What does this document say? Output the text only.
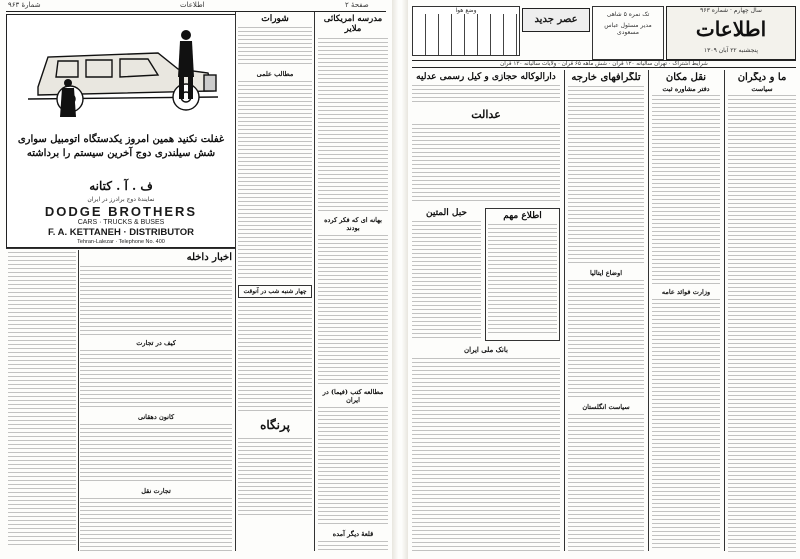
شمارهٔ ۹۶۳	اطلاعات	صفحهٔ ۲
غفلت نکنید همین امروز یکدستگاه اتومبیل سواری شش سیلندری دوج آخرین سیستم را برداشته
ف . آ . کتانه
نمایندهٔ دوج برادرز در ایران
DODGE BROTHERS
CARS · TRUCKS & BUSES
F. A. KETTANEH · DISTRIBUTOR
Tehran-Lalezar · Telephone No. 400
مدرسه امریکائی ملایر
بهانه ای که فکر کرده بودند
مطالعه کتب (فیما) در ایران
قلعهٔ دیگر آمده
شورات
مطالب علمی
چهار شنبه شب در آنوقت
پرنگاه
اخبار داخله
کیف در تجارت
کانون دهقانی
تجارت نقل
اطلاعات
سال چهارم · شماره ۹۶۳
پنجشنبه ۲۲ آبان ۱۳۰۹
تک نمره ۵ شاهی
مدیر مسئول عباس مسعودی
عصر جدید
وضع هوا
شرایط اشتراک · تهران سالیانه ۱۲۰ قران · شش ماهه ۶۵ قران · ولایات سالیانه ۱۳۰ قران
ما و دیگران
سیاست
نقل مکان
دفتر مشاوره ثبت
وزارت فوائد عامه
تلگرافهای خارجه
اوضاع ایتالیا
سیاست انگلستان
دارالوکاله حجازی و کیل رسمی عدلیه
عدالت
حبل المتین	اطلاع مهم
بانک ملی ایران
